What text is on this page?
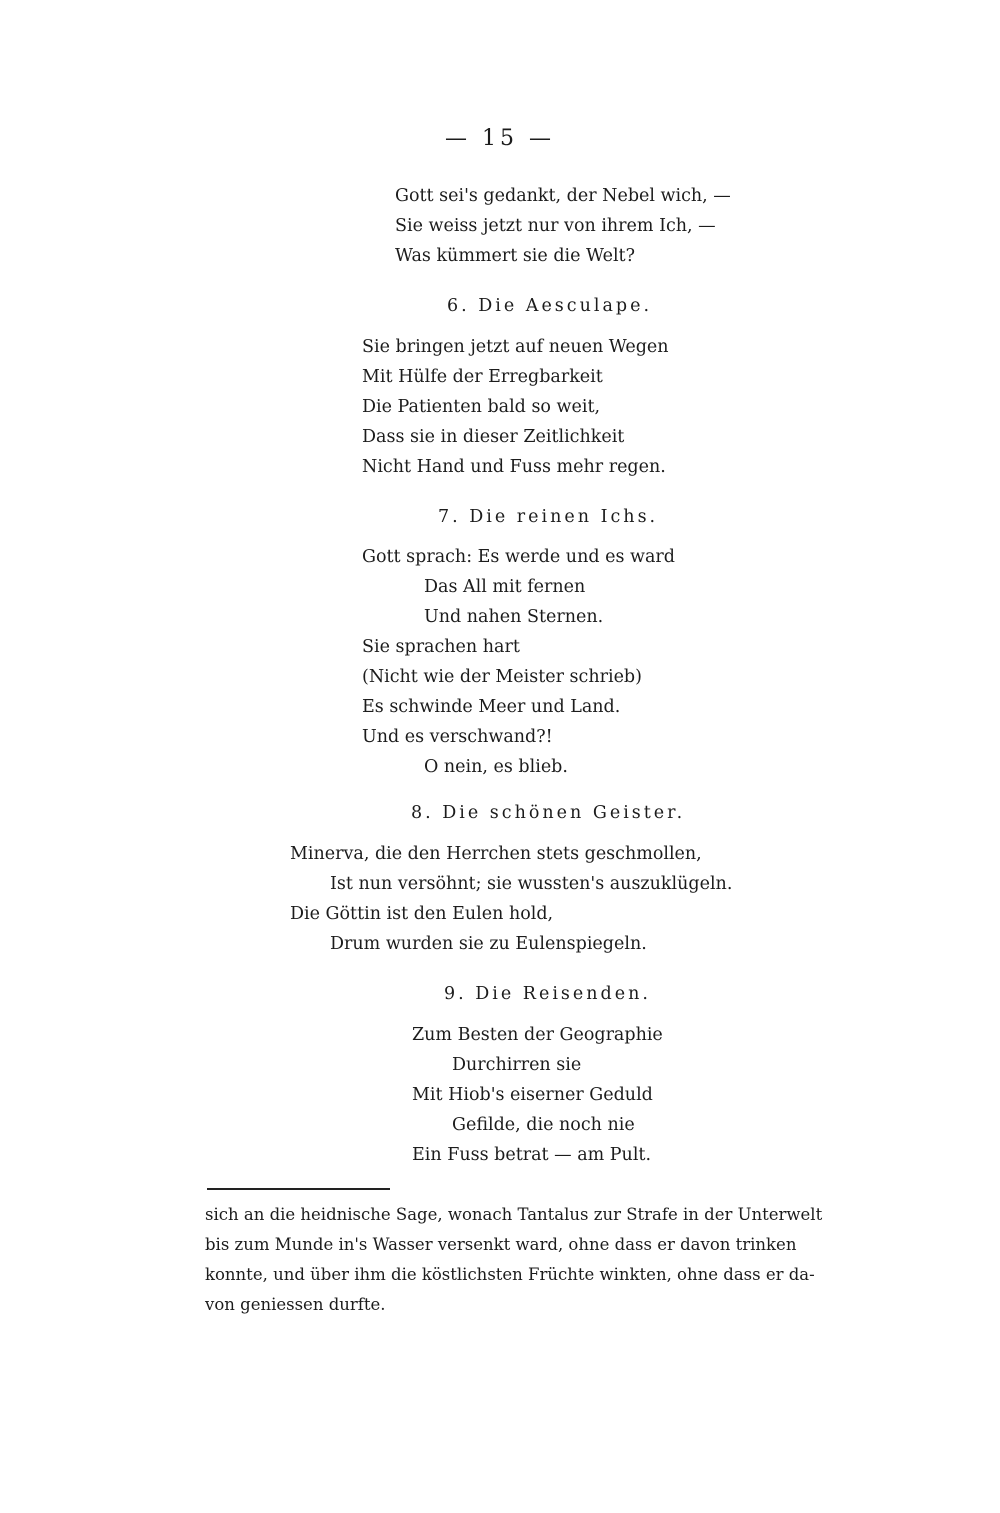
— 15 —
Gott sei's gedankt, der Nebel wich, —
Sie weiss jetzt nur von ihrem Ich, —
Was kümmert sie die Welt?
6. Die Aesculape.
Sie bringen jetzt auf neuen Wegen
Mit Hülfe der Erregbarkeit
Die Patienten bald so weit,
Dass sie in dieser Zeitlichkeit
Nicht Hand und Fuss mehr regen.
7. Die reinen Ichs.
Gott sprach: Es werde und es ward
Das All mit fernen
Und nahen Sternen.
Sie sprachen hart
(Nicht wie der Meister schrieb)
Es schwinde Meer und Land.
Und es verschwand?!
O nein, es blieb.
8. Die schönen Geister.
Minerva, die den Herrchen stets geschmollen,
Ist nun versöhnt; sie wussten's auszuklügeln.
Die Göttin ist den Eulen hold,
Drum wurden sie zu Eulenspiegeln.
9. Die Reisenden.
Zum Besten der Geographie
Durchirren sie
Mit Hiob's eiserner Geduld
Gefilde, die noch nie
Ein Fuss betrat — am Pult.
sich an die heidnische Sage, wonach Tantalus zur Strafe in der Unterwelt
bis zum Munde in's Wasser versenkt ward, ohne dass er davon trinken
konnte, und über ihm die köstlichsten Früchte winkten, ohne dass er da-
von geniessen durfte.
